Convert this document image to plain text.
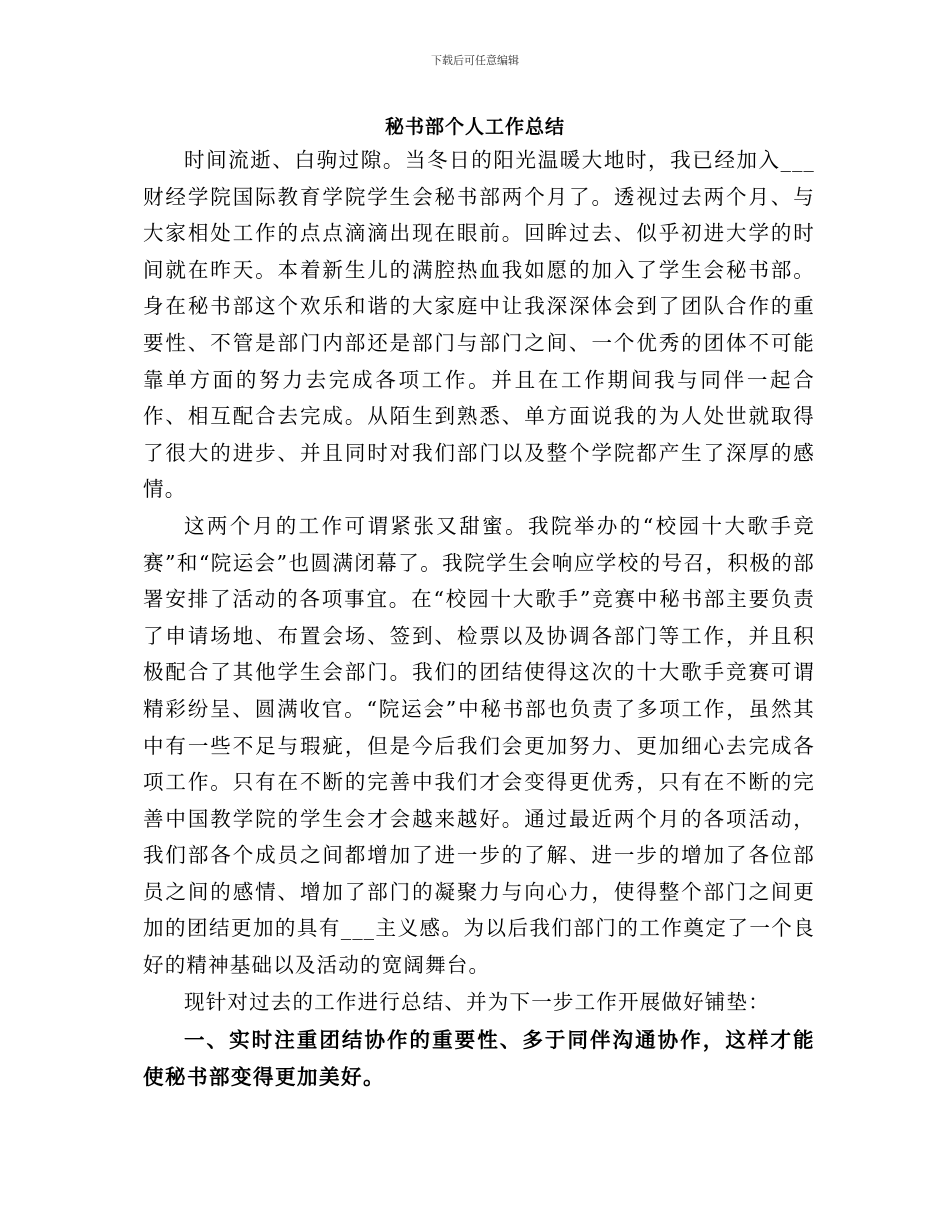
下载后可任意编辑
秘书部个人工作总结

时间流逝、白驹过隙。当冬日的阳光温暖大地时，我已经加入___财经学院国际教育学院学生会秘书部两个月了。透视过去两个月、与大家相处工作的点点滴滴出现在眼前。回眸过去、似乎初进大学的时间就在昨天。本着新生儿的满腔热血我如愿的加入了学生会秘书部。身在秘书部这个欢乐和谐的大家庭中让我深深体会到了团队合作的重要性、不管是部门内部还是部门与部门之间、一个优秀的团体不可能靠单方面的努力去完成各项工作。并且在工作期间我与同伴一起合作、相互配合去完成。从陌生到熟悉、单方面说我的为人处世就取得了很大的进步、并且同时对我们部门以及整个学院都产生了深厚的感情。

这两个月的工作可谓紧张又甜蜜。我院举办的“校园十大歌手竞赛”和“院运会”也圆满闭幕了。我院学生会响应学校的号召，积极的部署安排了活动的各项事宜。在“校园十大歌手”竞赛中秘书部主要负责了申请场地、布置会场、签到、检票以及协调各部门等工作，并且积极配合了其他学生会部门。我们的团结使得这次的十大歌手竞赛可谓精彩纷呈、圆满收官。“院运会”中秘书部也负责了多项工作，虽然其中有一些不足与瑕疵，但是今后我们会更加努力、更加细心去完成各项工作。只有在不断的完善中我们才会变得更优秀，只有在不断的完善中国教学院的学生会才会越来越好。通过最近两个月的各项活动，我们部各个成员之间都增加了进一步的了解、进一步的增加了各位部员之间的感情、增加了部门的凝聚力与向心力，使得整个部门之间更加的团结更加的具有___主义感。为以后我们部门的工作奠定了一个良好的精神基础以及活动的宽阔舞台。

现针对过去的工作进行总结、并为下一步工作开展做好铺垫：

一、实时注重团结协作的重要性、多于同伴沟通协作，这样才能使秘书部变得更加美好。
